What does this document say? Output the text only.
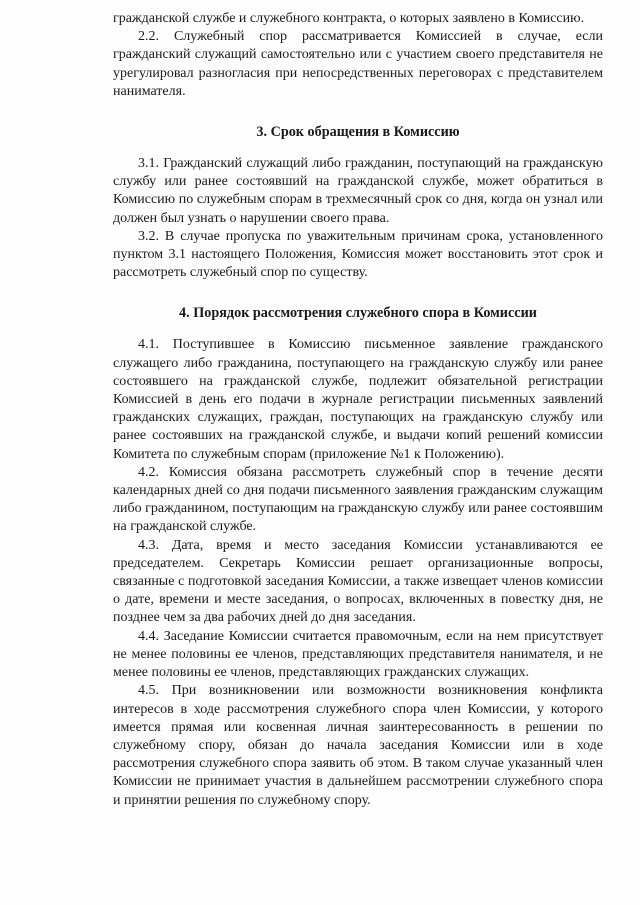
гражданской службе и служебного контракта, о которых заявлено в Комиссию.

2.2. Служебный спор рассматривается Комиссией в случае, если гражданский служащий самостоятельно или с участием своего представителя не урегулировал разногласия при непосредственных переговорах с представителем нанимателя.

3. Срок обращения в Комиссию

3.1. Гражданский служащий либо гражданин, поступающий на гражданскую службу или ранее состоявший на гражданской службе, может обратиться в Комиссию по служебным спорам в трехмесячный срок со дня, когда он узнал или должен был узнать о нарушении своего права.

3.2. В случае пропуска по уважительным причинам срока, установленного пунктом 3.1 настоящего Положения, Комиссия может восстановить этот срок и рассмотреть служебный спор по существу.

4. Порядок рассмотрения служебного спора в Комиссии

4.1. Поступившее в Комиссию письменное заявление гражданского служащего либо гражданина, поступающего на гражданскую службу или ранее состоявшего на гражданской службе, подлежит обязательной регистрации Комиссией в день его подачи в журнале регистрации письменных заявлений гражданских служащих, граждан, поступающих на гражданскую службу или ранее состоявших на гражданской службе, и выдачи копий решений комиссии Комитета по служебным спорам (приложение №1 к Положению).

4.2. Комиссия обязана рассмотреть служебный спор в течение десяти календарных дней со дня подачи письменного заявления гражданским служащим либо гражданином, поступающим на гражданскую службу или ранее состоявшим на гражданской службе.

4.3. Дата, время и место заседания Комиссии устанавливаются ее председателем. Секретарь Комиссии решает организационные вопросы, связанные с подготовкой заседания Комиссии, а также извещает членов комиссии о дате, времени и месте заседания, о вопросах, включенных в повестку дня, не позднее чем за два рабочих дней до дня заседания.

4.4. Заседание Комиссии считается правомочным, если на нем присутствует не менее половины ее членов, представляющих представителя нанимателя, и не менее половины ее членов, представляющих гражданских служащих.

4.5. При возникновении или возможности возникновения конфликта интересов в ходе рассмотрения служебного спора член Комиссии, у которого имеется прямая или косвенная личная заинтересованность в решении по служебному спору, обязан до начала заседания Комиссии или в ходе рассмотрения служебного спора заявить об этом. В таком случае указанный член Комиссии не принимает участия в дальнейшем рассмотрении служебного спора и принятии решения по служебному спору.
